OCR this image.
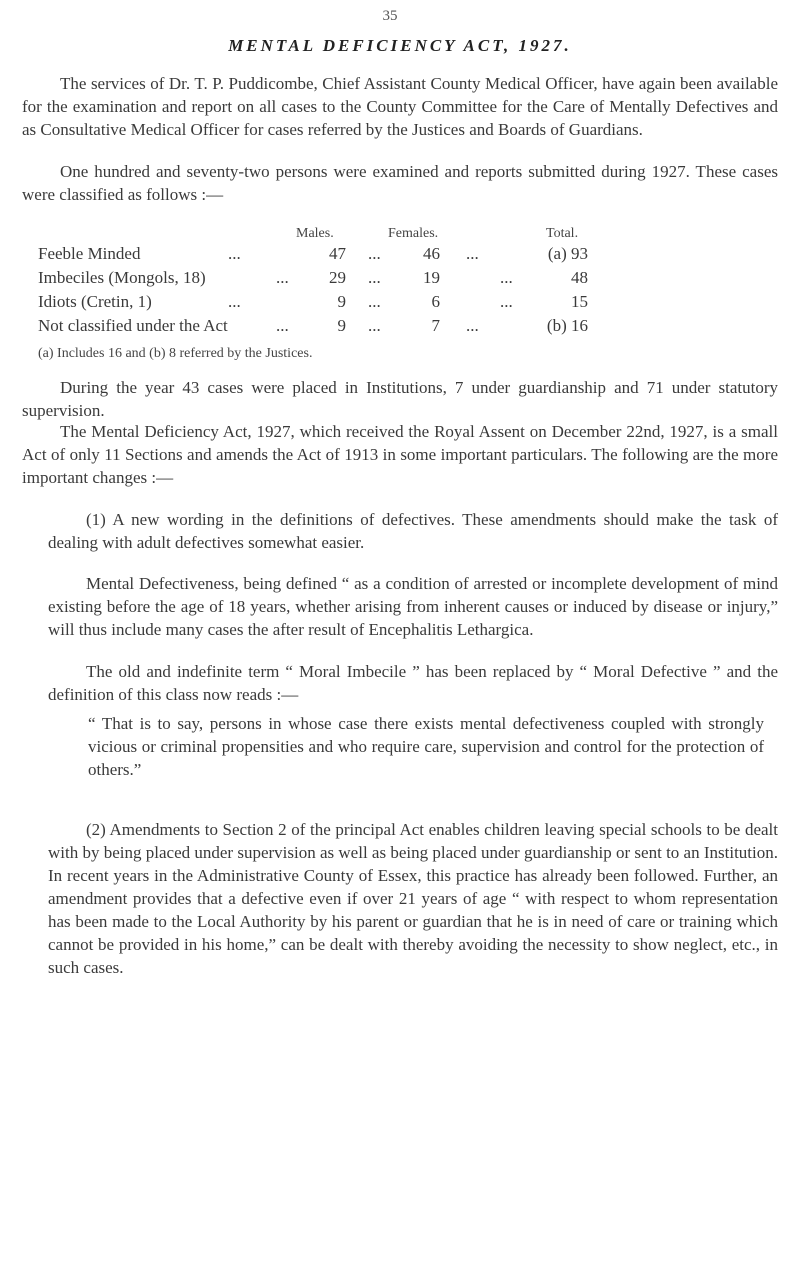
35
MENTAL DEFICIENCY ACT, 1927.

The services of Dr. T. P. Puddicombe, Chief Assistant County Medical Officer, have again been available for the examination and report on all cases to the County Committee for the Care of Mentally Defectives and as Consultative Medical Officer for cases referred by the Justices and Boards of Guardians.

One hundred and seventy-two persons were examined and reports submitted during 1927. These cases were classified as follows :—

Males.	Females.	Total.
Feeble Minded	...	47 ...	46 ...	(a) 93
Imbeciles (Mongols, 18)	...	29 ...	19	...	48
Idiots (Cretin, 1)	...	9 ...	6	...	15
Not classified under the Act	...	9 ...	7 ...	(b) 16
(a) Includes 16 and (b) 8 referred by the Justices.

During the year 43 cases were placed in Institutions, 7 under guardianship and 71 under statutory supervision.

The Mental Deficiency Act, 1927, which received the Royal Assent on December 22nd, 1927, is a small Act of only 11 Sections and amends the Act of 1913 in some important particulars. The following are the more important changes :—

(1) A new wording in the definitions of defectives. These amendments should make the task of dealing with adult defectives somewhat easier.

Mental Defectiveness, being defined “ as a condition of arrested or incomplete development of mind existing before the age of 18 years, whether arising from inherent causes or induced by disease or injury,” will thus include many cases the after result of Encephalitis Lethargica.

The old and indefinite term “ Moral Imbecile ” has been replaced by “ Moral Defective ” and the definition of this class now reads :—

“ That is to say, persons in whose case there exists mental defectiveness coupled with strongly vicious or criminal propensities and who require care, supervision and control for the protection of others.”

(2) Amendments to Section 2 of the principal Act enables children leaving special schools to be dealt with by being placed under supervision as well as being placed under guardianship or sent to an Institution. In recent years in the Administrative County of Essex, this practice has already been followed. Further, an amendment provides that a defective even if over 21 years of age “ with respect to whom representation has been made to the Local Authority by his parent or guardian that he is in need of care or training which cannot be provided in his home,” can be dealt with thereby avoiding the necessity to show neglect, etc., in such cases.
